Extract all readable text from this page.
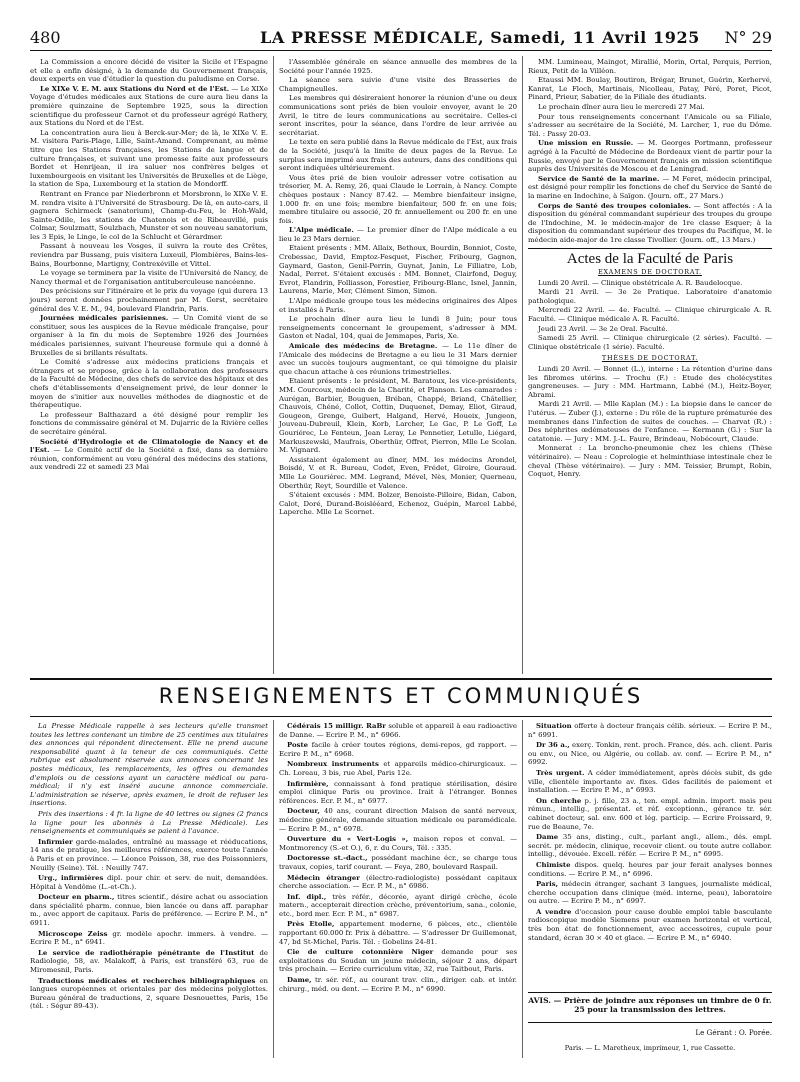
480	LA PRESSE MÉDICALE, Samedi, 11 Avril 1925 N° 29

La Commission a encore décidé de visiter la Sicile et l'Espagne et elle a enfin désigné, à la demande du Gouvernement français, deux experts en vue d'étudier la question du paludisme en Corse.

Le XIXe V. E. M. aux Stations du Nord et de l'Est. — Le XIXe Voyage d'études médicales aux Stations de cure aura lieu dans la première quinzaine de Septembre 1925, sous la direction scientifique du professeur Carnot et du professeur agrégé Rathery, aux Stations du Nord et de l'Est.

La concentration aura lieu à Berck-sur-Mer; de là, le XIXe V. E. M. visitera Paris-Plage, Lille, Saint-Amand. Comprenant, au même titre que les Stations françaises, les Stations de langue et de culture françaises, et suivant une promesse faite aux professeurs Bordet et Henrijean, il ira saluer nos confrères belges et luxembourgeois en visitant les Universités de Bruxelles et de Liège, la station de Spa, Luxembourg et la station de Mondorff.

Rentrant en France par Niederbronn et Morsbronn, le XIXe V. E. M. rendra visite à l'Université de Strasbourg. De là, en auto-cars, il gagnera Schirmeck (sanatorium), Champ-du-Feu, le Hoh-Wald, Sainte-Odile, les stations de Chatenois et de Ribeauvillé, puis Colmar, Soulzmatt, Soulzbach, Munster et son nouveau sanatorium, les 3 Epis, le Linge, le col de la Schlucht et Gérardmer.

Passant à nouveau les Vosges, il suivra la route des Crêtes, reviendra par Bussang, puis visitera Luxeuil, Plombières, Bains-les-Bains, Bourbonne, Martigny, Contrexéville et Vittel.

Le voyage se terminera par la visite de l'Université de Nancy, de Nancy thermal et de l'organisation antituberculeuse nancéenne.

Des précisions sur l'itinéraire et le prix du voyage (qui durera 13 jours) seront données prochainement par M. Gerst, secrétaire général des V. E. M., 94, boulevard Flandrin, Paris.

Journées médicales parisiennes. — Un Comité vient de se constituer, sous les auspices de la Revue médicale française, pour organiser à la fin du mois de Septembre 1926 des Journées médicales parisiennes, suivant l'heureuse formule qui a donné à Bruxelles de si brillants résultats.

Le Comité s'adresse aux médecins praticiens français et étrangers et se propose, grâce à la collaboration des professeurs de la Faculté de Médecine, des chefs de service des hôpitaux et des chefs d'établissements d'enseignement privé, de leur donner le moyen de s'initier aux nouvelles méthodes de diagnostic et de thérapeutique.

Le professeur Balthazard a été désigné pour remplir les fonctions de commissaire général et M. Dujarric de la Rivière celles de secrétaire général.

Société d'Hydrologie et de Climatologie de Nancy et de l'Est. — Le Comité actif de la Société a fixé, dans sa dernière réunion, conformément au vœu général des médecins des stations, aux vendredi 22 et samedi 23 Mai

l'Assemblée générale en séance annuelle des membres de la Société pour l'année 1925.

La séance sera suivie d'une visite des Brasseries de Champigneulles.

Les membres qui désireraient honorer la réunion d'une ou deux communications sont priés de bien vouloir envoyer, avant le 20 Avril, le titre de leurs communications au secrétaire. Celles-ci seront inscrites, pour la séance, dans l'ordre de leur arrivée au secrétariat.

Le texte en sera publié dans la Revue médicale de l'Est, aux frais de la Société, jusqu'à la limite de deux pages de la Revue. Le surplus sera imprimé aux frais des auteurs, dans des conditions qui seront indiquées ultérieurement.

Vous êtes prié de bien vouloir adresser votre cotisation au trésorier, M. A. Remy, 26, quai Claude le Lorrain, à Nancy. Compte chèques postaux : Nancy 87.42. — Membre bienfaiteur insigne, 1.000 fr. en une fois; membre bienfaiteur, 500 fr. en une fois; membre titulaire ou associé, 20 fr. annuellement ou 200 fr. en une fois.

L'Alpe médicale. — Le premier dîner de l'Alpe médicale a eu lieu le 23 Mars dernier.

Etaient présents : MM. Allaix, Bethoux, Bourdin, Bonniot, Coste, Crebessac, David, Emptoz-Fesquet, Fischer, Fribourg, Gagnon, Gaymard, Gaston, Genil-Perrin, Guynat, Janin, Le Filliatre, Lob, Nadal, Perret. S'étaient excusés : MM. Bonnet, Clairfond, Deguy, Evrot, Flandrin, Folliasson, Forestier, Fribourg-Blanc, Isnel, Jannin, Laurens, Marie, Mer, Clément Simon, Simon.

L'Alpe médicale groupe tous les médecins originaires des Alpes et installés à Paris.

Le prochain dîner aura lieu le lundi 8 Juin; pour tous renseignements concernant le groupement, s'adresser à MM. Gaston et Nadal, 104, quai de Jemmapes, Paris, Xe.

Amicale des médecins de Bretagne. — Le 11e dîner de l'Amicale des médecins de Bretagne a eu lieu le 31 Mars dernier avec un succès toujours augmentant, ce qui témoigne du plaisir que chacun attache à ces réunions trimestrielles.

Etaient présents : le président, M. Baratoux, les vice-présidents, MM. Courcoux, médecin de la Charité, et Planson. Les camarades : Aurégan, Barbier, Bouguen, Bréban, Chappé, Briand, Châtellier, Chauvois, Chéné, Collot, Cottin, Duquenet, Demay, Eliot, Giraud, Gougeon, Grenge, Guibert, Halgand, Hervé, Houeix, Jungeon, Jouveau-Dubreuil, Klein, Korb, Larcher, Le Gac, P. Le Goff, Le Gouriérec, Le Fenteun, Jean Leray, Le Pennetier, Letulle, Liégard, Markuszewski, Maufrais, Oberthür, Offret, Pierron, Mlle Le Scolan. M. Vignard.

Assistaient également au dîner, MM. les médecins Arondel, Boisdé, V. et R. Bureau, Codet, Even, Frédet, Giroire, Gouraud. Mlle Le Gouriérec. MM. Legrand, Mével, Nès, Monier, Querneau, Oberthür, Reyt, Sourdille et Valence.

S'étaient excusés : MM. Bolzer, Benoiste-Pilloire, Bidan, Cabon, Calot, Doré, Durand-Boislééard, Echenoz, Guépin, Marcel Labbé, Laperche. Mlle Le Scornet.

MM. Lumineau, Maingot, Mirallié, Morin, Ortal, Perquis, Perrion, Rieux, Petit de la Villéon.

Etaussi MM. Boulay, Boutiron, Brégar, Brunet, Guérin, Kerhervé, Kanrat, Le Floch, Martinais, Nicolleau, Patay, Péré, Poret, Picot, Pinard, Prieur, Sabatier, de la Filiale des étudiants.

Le prochain dîner aura lieu le mercredi 27 Mai.

Pour tous renseignements concernant l'Amicale ou sa Filiale, s'adresser au secrétaire de la Société, M. Larcher, 1, rue du Dôme. Tél. : Passy 20-03.

Une mission en Russie. — M. Georges Portmann, professeur agrégé à la Faculté de Médecine de Bordeaux vient de partir pour la Russie, envoyé par le Gouvernement français en mission scientifique auprès des Universités de Moscou et de Leningrad.

Service de Santé de la marine. — M Feret, médecin principal, est désigné pour remplir les fonctions de chef du Service de Santé de la marine en Indochine, à Saïgon. (Journ. off., 27 Mars.)

Corps de Santé des troupes coloniales. — Sont affectés : A la disposition du général commandant supérieur des troupes du groupe de l'Indochine, M. le médecin-major de 1re classe Esquer; à la disposition du commandant supérieur des troupes du Pacifique, M. le médecin aide-major de 1re classe Tivollier. (Journ. off., 13 Mars.)

Actes de la Faculté de Paris
EXAMENS DE DOCTORAT.

Lundi 20 Avril. — Clinique obstétricale A. R. Baudelocque.

Mardi 21 Avril. — 3e 2e Pratique. Laboratoire d'anatomie pathologique.

Mercredi 22 Avril. — 4e. Faculté. — Clinique chirurgicale A. R. Faculté. — Clinique médicale A. R. Faculté.

Jeudi 23 Avril. — 3e 2e Oral. Faculté.

Samedi 25 Avril. — Clinique chirurgicale (2 séries). Faculté. — Clinique obstétricale (1 série). Faculté.

THÈSES DE DOCTORAT.

Lundi 20 Avril. — Bonnet (L.), interne : La rétention d'urine dans les fibromes utérins. — Trochu (F.) : Etude des cholécystites gangreneuses. — Jury : MM. Hartmann, Labbé (M.), Heitz-Boyer, Abrami.

Mardi 21 Avril. — Mlle Kaplan (M.) : La biopsie dans le cancer de l'utérus. — Zuber (J.), externe : Du rôle de la rupture prématurée des membranes dans l'infection de suites de couches. — Charvat (R.) : Des néphrites œdémateuses de l'enfance. — Kermann (G.) : Sur la catatonie. — Jury : MM. J.-L. Faure, Brindeau, Nobécourt, Claude.

Monnerat : La broncho-pneumonie chez les chiens (Thèse vétérinaire). — Neau : Coprologie et helminthiase intestinale chez le cheval (Thèse vétérinaire). — Jury : MM. Teissier, Brumpt, Robin, Coquot, Henry.

RENSEIGNEMENTS ET COMMUNIQUÉS

La Presse Médicale rappelle à ses lecteurs qu'elle transmet toutes les lettres contenant un timbre de 25 centimes aux titulaires des annonces qui répondent directement. Elle ne prend aucune responsabilité quant à la teneur de ces communiqués. Cette rubrique est absolument réservée aux annonces concernant les postes médicaux, les remplacements, les offres ou demandes d'emplois ou de cessions ayant un caractère médical ou para-médical; il n'y est inséré aucune annonce commerciale. L'administration se réserve, après examen, le droit de refuser les insertions.

Prix des insertions : 4 fr. la ligne de 40 lettres ou signes (2 francs la ligne pour les abonnés à La Presse Médicale). Les renseignements et communiqués se paient à l'avance.

Infirmier garde-malades, entraîné au massage et rééducations, 14 ans de pratique, les meilleures références, exerce toute l'année à Paris et en province. — Léonce Poisson, 38, rue des Poissonniers, Neuilly (Seine). Tél. : Neuilly 747.

Urg., infirmières dipl. pour chir. et serv. de nuit, demandées. Hôpital à Vendôme (L.-et-Ch.).

Docteur en pharm., titres scientif., désire achat ou association dans spécialité pharm. connue, bien lancée ou dans aff. paraphar m., avec apport de capitaux. Paris de préférence. — Ecrire P. M., n° 6911.

Microscope Zeiss gr. modèle apochr. immers. à vendre. — Ecrire P. M., n° 6941.

Le service de radiothérapie pénétrante de l'Institut de Radiologie, 58, av. Malakoff, à Paris, est transféré 63, rue de Miromesnil, Paris.

Traductions médicales et recherches bibliographiques en langues européennes et orientales par des médecins polyglottes. Bureau général de traductions, 2, square Desnouettes, Paris, 15e (tél. : Ségur 89-43).

Cédérais 15 milligr. RaBr soluble et appareil à eau radioactive de Danne. — Ecrire P. M., n° 6966.

Poste facile à créer toutes régions, demi-repos, gd rapport. — Ecrire P. M., n° 6968.

Nombreux instruments et appareils médico-chirurgicaux. — Ch. Loreau, 3 bis, rue Abel, Paris 12e.

Infirmière, connaissant à fond pratique stérilisation, désire emploi clinique Paris ou province. Irait à l'étranger. Bonnes références. Ecr. P. M., n° 6977.

Docteur, 40 ans, courant direction Maison de santé nerveux, médecine générale, demande situation médicale ou paramédicale. — Ecrire P. M., n° 6978.

Ouverture du « Vert-Logis », maison repos et conval. — Montmorency (S.-et O.), 6, r. du Cours, Tél. : 335.

Doctoresse st.-dact., possédant machine écr., se charge tous travaux, copies, tarif courant. — Feya, 280, boulevard Raspail.

Médecin étranger (électro-radiologiste) possédant capitaux cherche association. — Ecr. P. M., n° 6986.

Inf. dipl., très référ., décorée, ayant dirigé crèche, école matern., accepterait direction crèche, préventorium, sana., colonie, etc., bord mer. Ecr. P. M., n° 6987.

Près Etolle, appartement moderne, 6 pièces, etc., clientèle rapportant 60.000 fr. Prix à débattre. — S'adresser Dr Guillemonat, 47, bd St-Michel, Paris. Tél. : Gobelins 24-81.

Cie de culture cotonnière Niger demande pour ses exploitations du Soudan un jeune médecin, séjour 2 ans, départ très prochain. — Ecrire curriculum vitæ, 32, rue Taitbout, Paris.

Dame, tr. sér. réf., au courant trav. clin., diriger. cab. et intér. chirurg., méd. ou dent. — Ecrire P. M., n° 6990.

Situation offerte à docteur français célib. sérieux. — Ecrire P. M., n° 6991.

Dr 36 a., exerç. Tonkin, rent. proch. France, dés. ach. client. Paris ou env., ou Nice, ou Algérie, ou collab. av. conf. — Ecrire P. M., n° 6992.

Très urgent. A céder immédiatement, après décès subit, ds gde ville, clientèle importante av. fixes. Gdes facilités de paiement et installation. — Ecrire P. M., n° 6993.

On cherche p. j. fille, 23 a., ten. empl. admin. import. mais peu rémun., intellig., présentat. et réf. exceptionn., gérance tr. sér. cabinet docteur, sal. env. 600 et lég. particip. — Ecrire Froissard, 9, rue de Beaune, 7e.

Dame 35 ans, disting., cult., parlant angl., allem., dés. empl. secrét. pr. médecin, clinique, recevoir client. ou toute autre collabor. intellig., dévouée. Excell. référ. — Ecrire P. M., n° 6995.

Chimiste dispos. quelq. heures par jour ferait analyses bonnes conditions. — Ecrire P. M., n° 6996.

Paris, médecin étranger, sachant 3 langues, journaliste médical, cherche occupation dans clinique (méd. interne, peau), laboratoire ou autre. — Ecrire P. M., n° 6997.

A vendre d'occasion pour cause double emploi table basculante radioscopique modèle Siemens pour examen horizontal et vertical, très bon état de fonctionnement, avec accessoires, cupule pour standard, écran 30 × 40 et glace. — Ecrire P. M., n° 6940.

AVIS. — Prière de joindre aux réponses un timbre de 0 fr. 25 pour la transmission des lettres.
Le Gérant : O. Porée.
Paris. — L. Maretheux, imprimeur, 1, rue Cassette.
